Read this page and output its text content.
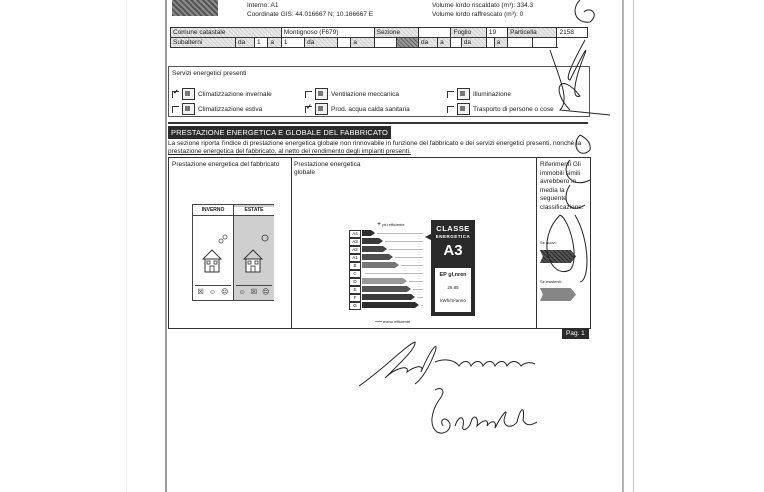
Interno: A1
Coordinate GIS: 44.016667 N; 10.166667 E
Volume lordo riscaldato (m³): 334.3
Volume lordo raffrescato (m³): 0
Comune catastale				Montignoso (F679)				Sezione				Foglio		19		Particella		2158
Subalterni	da	1	a	1	da		a			da	a		da		a			
Servizi energetici presenti
✓
Climatizzazione invernale
Climatizzazione estiva
Ventilazione meccanica
✓
Prod. acqua calda sanitaria
Illuminazione
Trasporto di persone o cose
PRESTAZIONE ENERGETICA E GLOBALE DEL FABBRICATO
La sezione riporta l'indice di prestazione energetica globale non rinnovabile in funzione del fabbricato e dei servizi energetici presenti, nonché la
prestazione energetica del fabbricato, al netto del rendimento degli impianti presenti.
Prestazione energetica del fabbricato	Prestazione energetica globale
INVERNO
☒ ☺ ☹
ESTATE
☺ ☒ ☹
+ più efficiente
A4
A3
A2
A1
B
C
D
E
F
G
— meno efficiente
CLASSE
ENERGETICA
A3
EP gl,nren
26.85
kWh/m²anno
Riferimenti Gli immobili simili avrebbero in media la seguente classificazione:
Se nuovi:
Se esistenti:
Pag. 1
